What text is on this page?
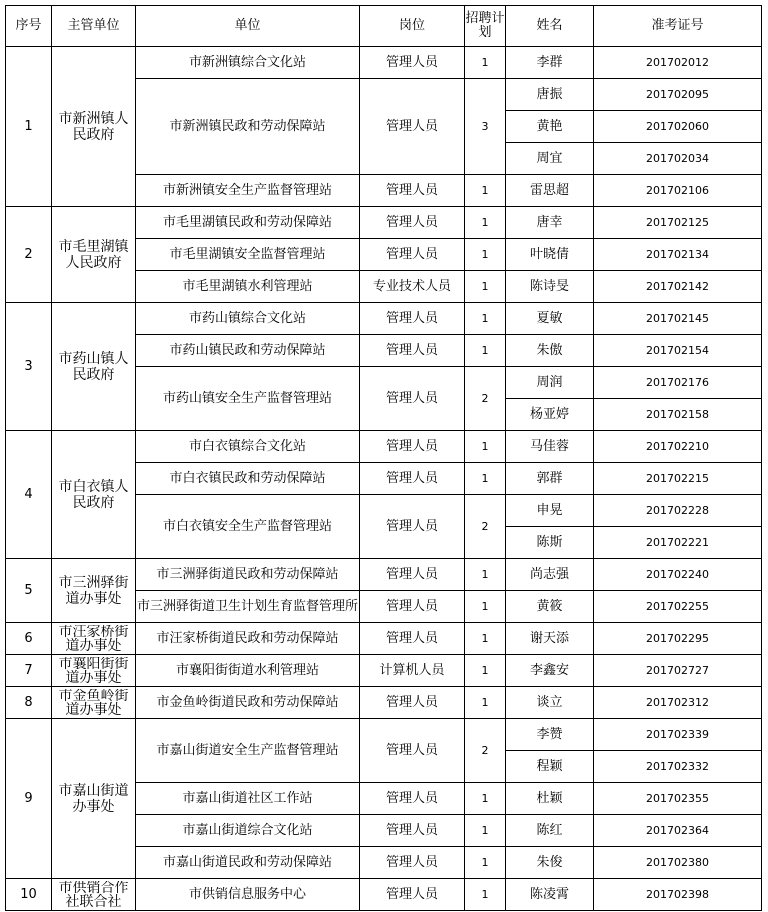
序号	主管单位	单位	岗位	招聘计划	姓名	准考证号
1	市新洲镇人民政府	市新洲镇综合文化站	管理人员	1	李群	201702012
		市新洲镇民政和劳动保障站	管理人员	3	唐振	201702095
					黄艳	201702060
					周宜	201702034
		市新洲镇安全生产监督管理站	管理人员	1	雷思超	201702106
2	市毛里湖镇人民政府	市毛里湖镇民政和劳动保障站	管理人员	1	唐幸	201702125
		市毛里湖镇安全监督管理站	管理人员	1	叶晓倩	201702134
		市毛里湖镇水利管理站	专业技术人员	1	陈诗旻	201702142
3	市药山镇人民政府	市药山镇综合文化站	管理人员	1	夏敏	201702145
		市药山镇民政和劳动保障站	管理人员	1	朱傲	201702154
		市药山镇安全生产监督管理站	管理人员	2	周润	201702176
					杨亚婷	201702158
4	市白衣镇人民政府	市白衣镇综合文化站	管理人员	1	马佳蓉	201702210
		市白衣镇民政和劳动保障站	管理人员	1	郭群	201702215
		市白衣镇安全生产监督管理站	管理人员	2	申晃	201702228
					陈斯	201702221
5	市三洲驿街道办事处	市三洲驿街道民政和劳动保障站	管理人员	1	尚志强	201702240
		市三洲驿街道卫生计划生育监督管理所	管理人员	1	黄筱	201702255
6	市汪家桥街道办事处	市汪家桥街道民政和劳动保障站	管理人员	1	谢天添	201702295
7	市襄阳街街道办事处	市襄阳街街道水利管理站	计算机人员	1	李鑫安	201702727
8	市金鱼岭街道办事处	市金鱼岭街道民政和劳动保障站	管理人员	1	谈立	201702312
9	市嘉山街道办事处	市嘉山街道安全生产监督管理站	管理人员	2	李赞	201702339
					程颖	201702332
		市嘉山街道社区工作站	管理人员	1	杜颖	201702355
		市嘉山街道综合文化站	管理人员	1	陈红	201702364
		市嘉山街道民政和劳动保障站	管理人员	1	朱俊	201702380
10	市供销合作社联合社	市供销信息服务中心	管理人员	1	陈凌霄	201702398
